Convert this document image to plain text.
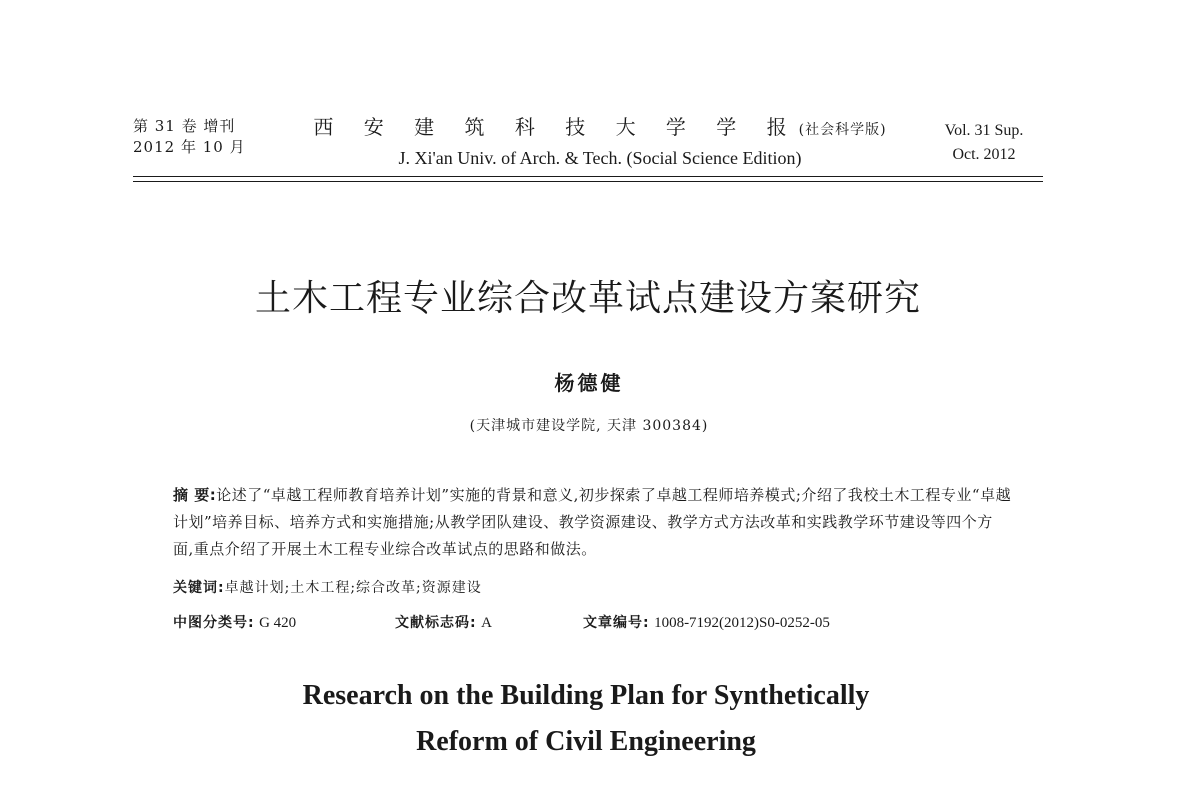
第 31 卷 增刊
2012 年 10 月
西 安 建 筑 科 技 大 学 学 报(社会科学版)
J. Xi'an Univ. of Arch. & Tech. (Social Science Edition)
Vol. 31 Sup.
Oct. 2012
土木工程专业综合改革试点建设方案研究
杨德健
(天津城市建设学院, 天津 300384)
摘 要:论述了“卓越工程师教育培养计划”实施的背景和意义,初步探索了卓越工程师培养模式;介绍了我校土木工程专业“卓越计划”培养目标、培养方式和实施措施;从教学团队建设、教学资源建设、教学方式方法改革和实践教学环节建设等四个方面,重点介绍了开展土木工程专业综合改革试点的思路和做法。
关键词:卓越计划;土木工程;综合改革;资源建设
中图分类号: G 420	文献标志码: A	文章编号: 1008-7192(2012)S0-0252-05
Research on the Building Plan for Synthetically
Reform of Civil Engineering
